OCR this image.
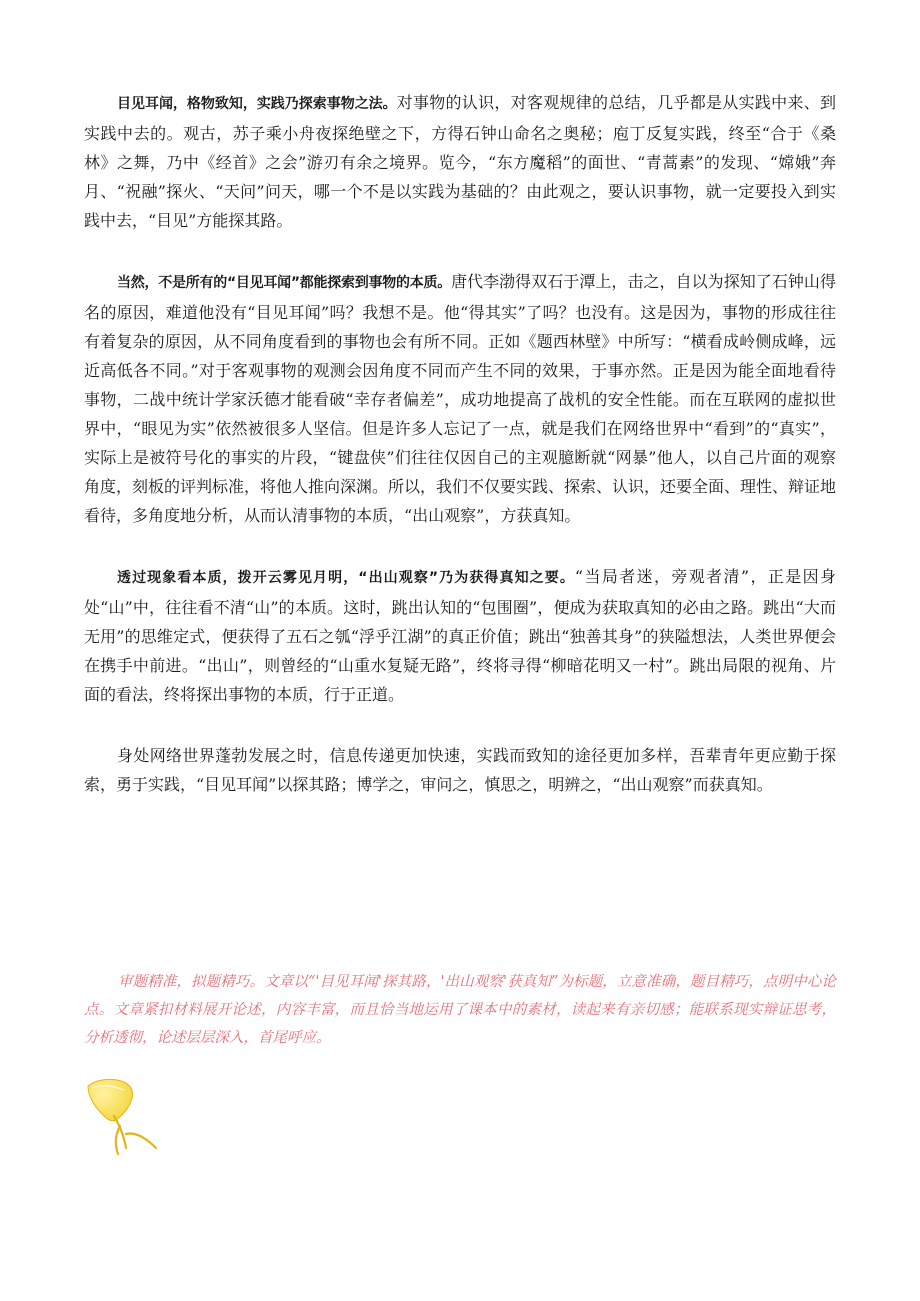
目见耳闻，格物致知，实践乃探索事物之法。对事物的认识，对客观规律的总结，几乎都是从实践中来、到实践中去的。观古，苏子乘小舟夜探绝壁之下，方得石钟山命名之奥秘；庖丁反复实践，终至“合于《桑林》之舞，乃中《经首》之会”游刃有余之境界。览今，“东方魔稻”的面世、“青蒿素”的发现、“嫦娥”奔月、“祝融”探火、“天问”问天，哪一个不是以实践为基础的？由此观之，要认识事物，就一定要投入到实践中去，“目见”方能探其路。

当然，不是所有的“目见耳闻”都能探索到事物的本质。唐代李渤得双石于潭上，击之，自以为探知了石钟山得名的原因，难道他没有“目见耳闻”吗？我想不是。他“得其实”了吗？也没有。这是因为，事物的形成往往有着复杂的原因，从不同角度看到的事物也会有所不同。正如《题西林壁》中所写：“横看成岭侧成峰，远近高低各不同。”对于客观事物的观测会因角度不同而产生不同的效果，于事亦然。正是因为能全面地看待事物，二战中统计学家沃德才能看破“幸存者偏差”，成功地提高了战机的安全性能。而在互联网的虚拟世界中，“眼见为实”依然被很多人坚信。但是许多人忘记了一点，就是我们在网络世界中“看到”的“真实”，实际上是被符号化的事实的片段，“键盘侠”们往往仅因自己的主观臆断就“网暴”他人，以自己片面的观察角度，刻板的评判标准，将他人推向深渊。所以，我们不仅要实践、探索、认识，还要全面、理性、辩证地看待，多角度地分析，从而认清事物的本质，“出山观察”，方获真知。

透过现象看本质，拨开云雾见月明，“出山观察”乃为获得真知之要。“当局者迷，旁观者清”，正是因身处“山”中，往往看不清“山”的本质。这时，跳出认知的“包围圈”，便成为获取真知的必由之路。跳出“大而无用”的思维定式，便获得了五石之瓠“浮乎江湖”的真正价值；跳出“独善其身”的狭隘想法，人类世界便会在携手中前进。“出山”，则曾经的“山重水复疑无路”，终将寻得“柳暗花明又一村”。跳出局限的视角、片面的看法，终将探出事物的本质，行于正道。

身处网络世界蓬勃发展之时，信息传递更加快速，实践而致知的途径更加多样，吾辈青年更应勤于探索，勇于实践，“目见耳闻”以探其路；博学之，审问之，慎思之，明辨之，“出山观察”而获真知。

审题精准，拟题精巧。文章以“'目见耳闻'探其路，'出山观察'获真知”为标题，立意准确，题目精巧，点明中心论点。文章紧扣材料展开论述，内容丰富，而且恰当地运用了课本中的素材，读起来有亲切感；能联系现实辩证思考，分析透彻，论述层层深入，首尾呼应。
